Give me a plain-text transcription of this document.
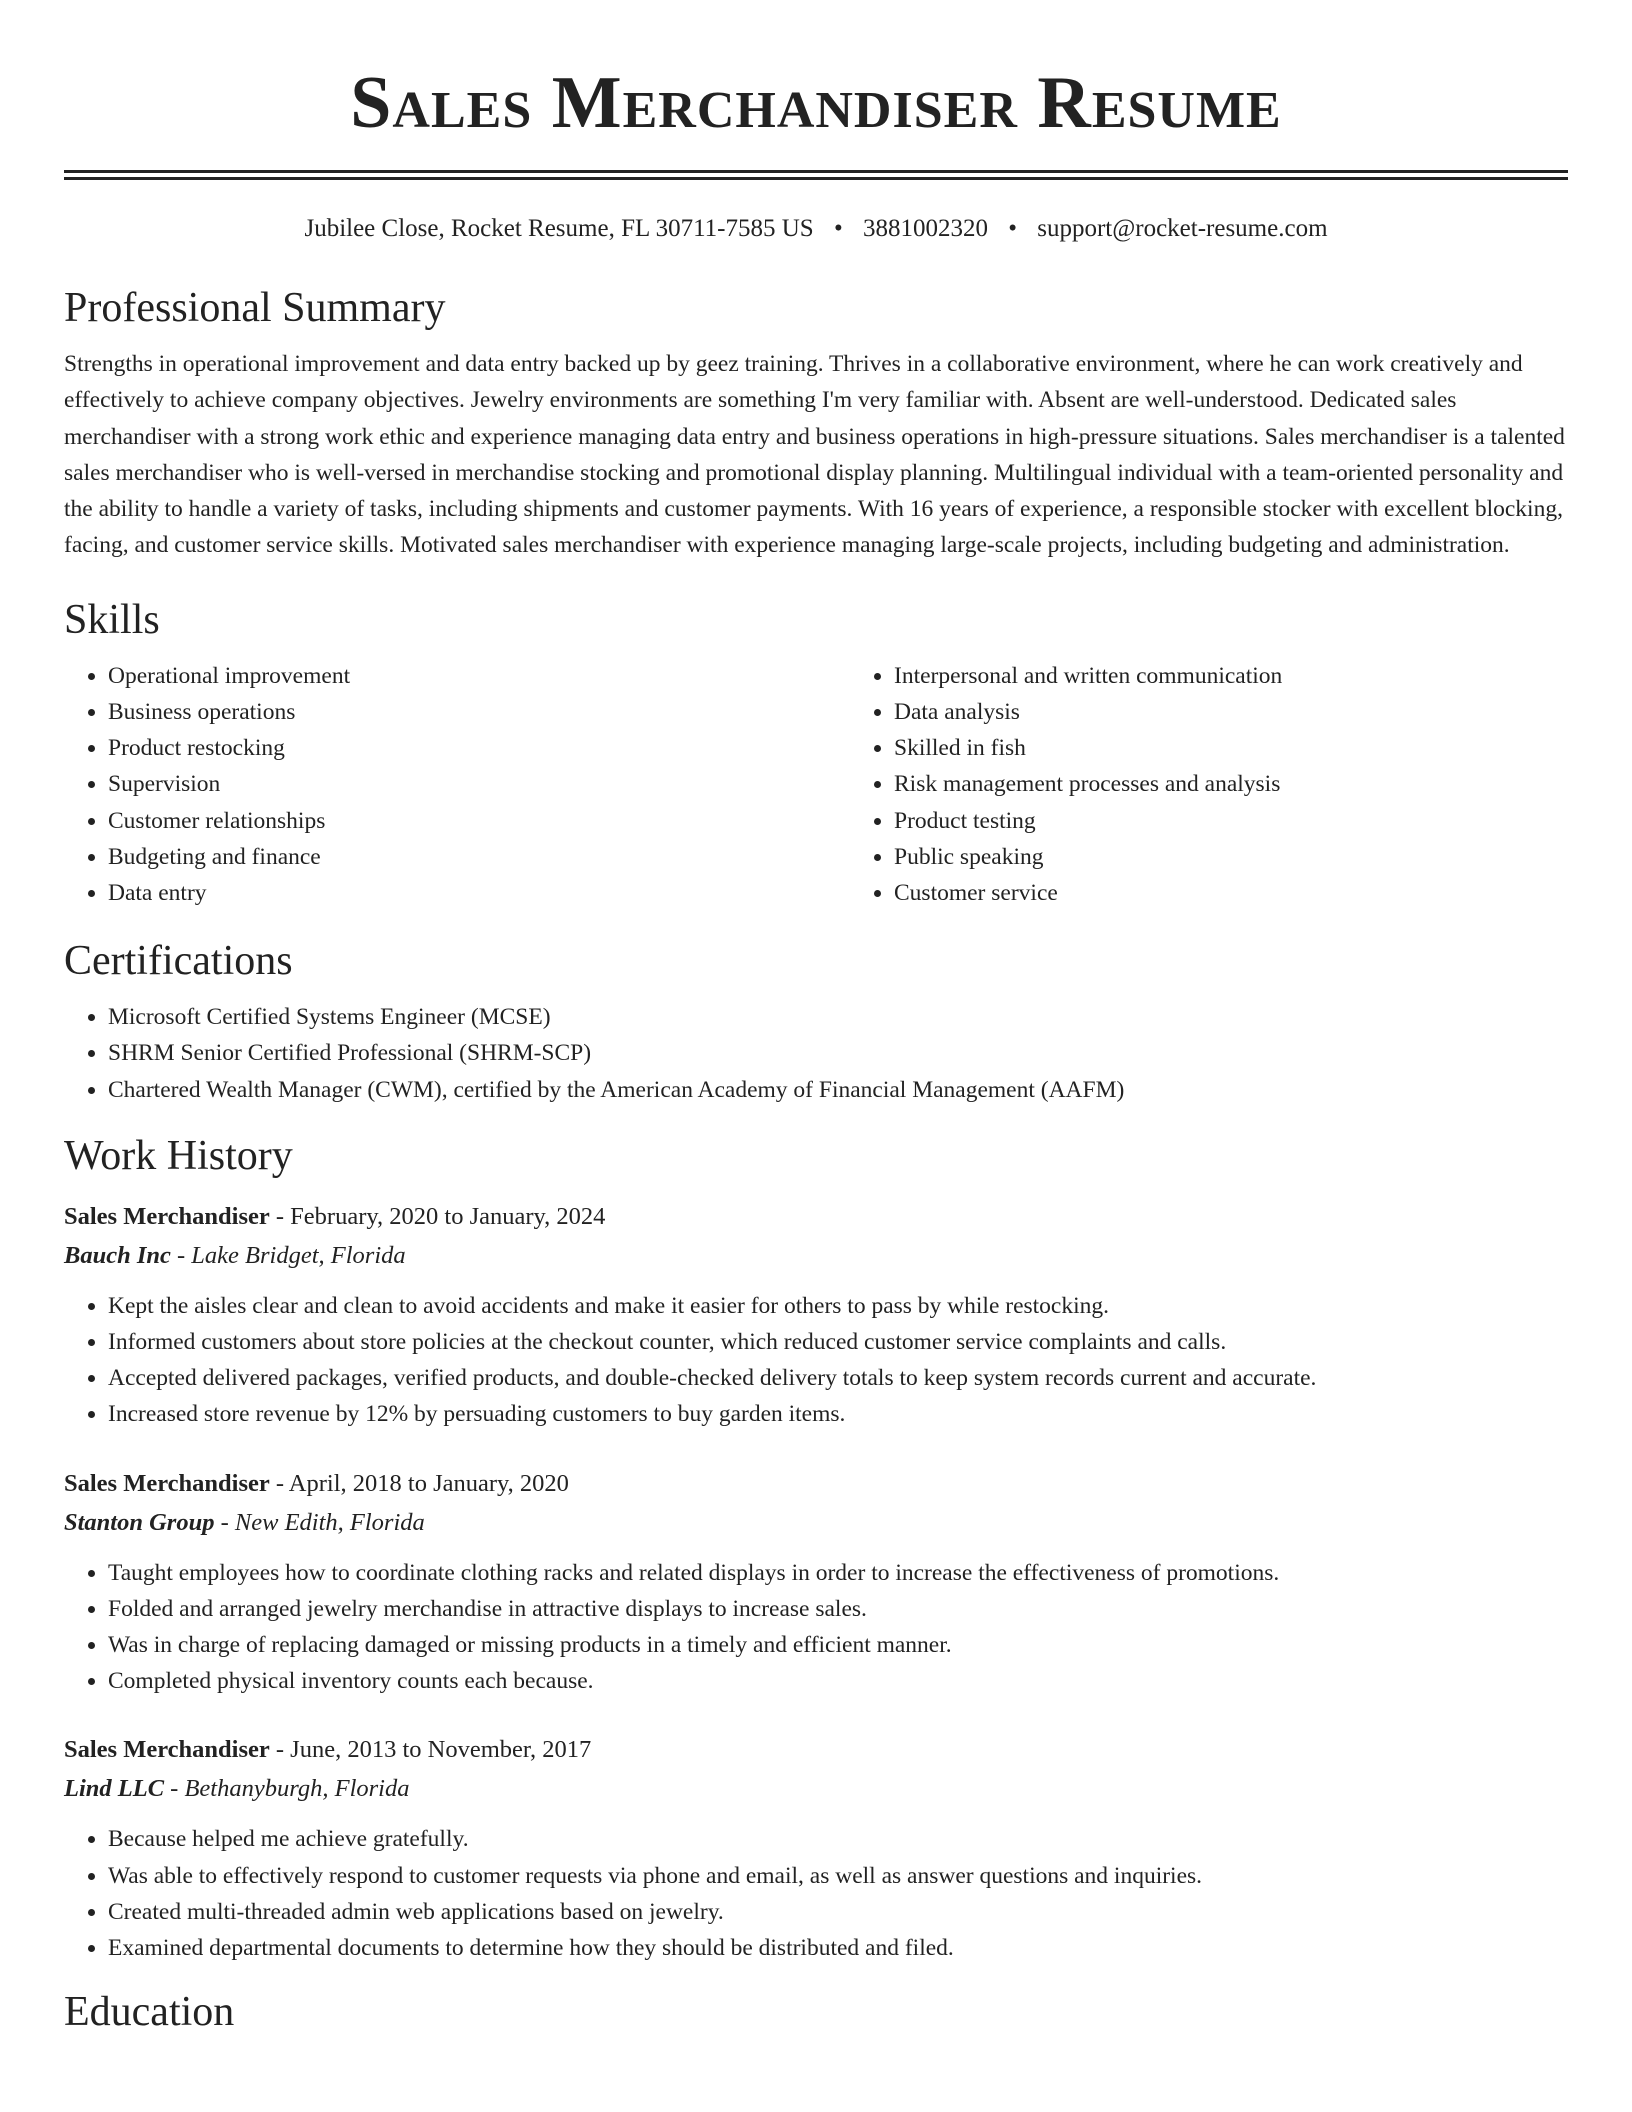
Sales Merchandiser Resume
Jubilee Close, Rocket Resume, FL 30711-7585 US • 3881002320 • support@rocket-resume.com
Professional Summary

Strengths in operational improvement and data entry backed up by geez training. Thrives in a collaborative environment, where he can work creatively and effectively to achieve company objectives. Jewelry environments are something I'm very familiar with. Absent are well-understood. Dedicated sales merchandiser with a strong work ethic and experience managing data entry and business operations in high-pressure situations. Sales merchandiser is a talented sales merchandiser who is well-versed in merchandise stocking and promotional display planning. Multilingual individual with a team-oriented personality and the ability to handle a variety of tasks, including shipments and customer payments. With 16 years of experience, a responsible stocker with excellent blocking, facing, and customer service skills. Motivated sales merchandiser with experience managing large-scale projects, including budgeting and administration.

Skills
• Operational improvement
• Business operations
• Product restocking
• Supervision
• Customer relationships
• Budgeting and finance
• Data entry
• Interpersonal and written communication
• Data analysis
• Skilled in fish
• Risk management processes and analysis
• Product testing
• Public speaking
• Customer service
Certifications
• Microsoft Certified Systems Engineer (MCSE)
• SHRM Senior Certified Professional (SHRM-SCP)
• Chartered Wealth Manager (CWM), certified by the American Academy of Financial Management (AAFM)
Work History
Sales Merchandiser - February, 2020 to January, 2024
Bauch Inc - Lake Bridget, Florida
• Kept the aisles clear and clean to avoid accidents and make it easier for others to pass by while restocking.
• Informed customers about store policies at the checkout counter, which reduced customer service complaints and calls.
• Accepted delivered packages, verified products, and double-checked delivery totals to keep system records current and accurate.
• Increased store revenue by 12% by persuading customers to buy garden items.
Sales Merchandiser - April, 2018 to January, 2020
Stanton Group - New Edith, Florida
• Taught employees how to coordinate clothing racks and related displays in order to increase the effectiveness of promotions.
• Folded and arranged jewelry merchandise in attractive displays to increase sales.
• Was in charge of replacing damaged or missing products in a timely and efficient manner.
• Completed physical inventory counts each because.
Sales Merchandiser - June, 2013 to November, 2017
Lind LLC - Bethanyburgh, Florida
• Because helped me achieve gratefully.
• Was able to effectively respond to customer requests via phone and email, as well as answer questions and inquiries.
• Created multi-threaded admin web applications based on jewelry.
• Examined departmental documents to determine how they should be distributed and filed.
Education
